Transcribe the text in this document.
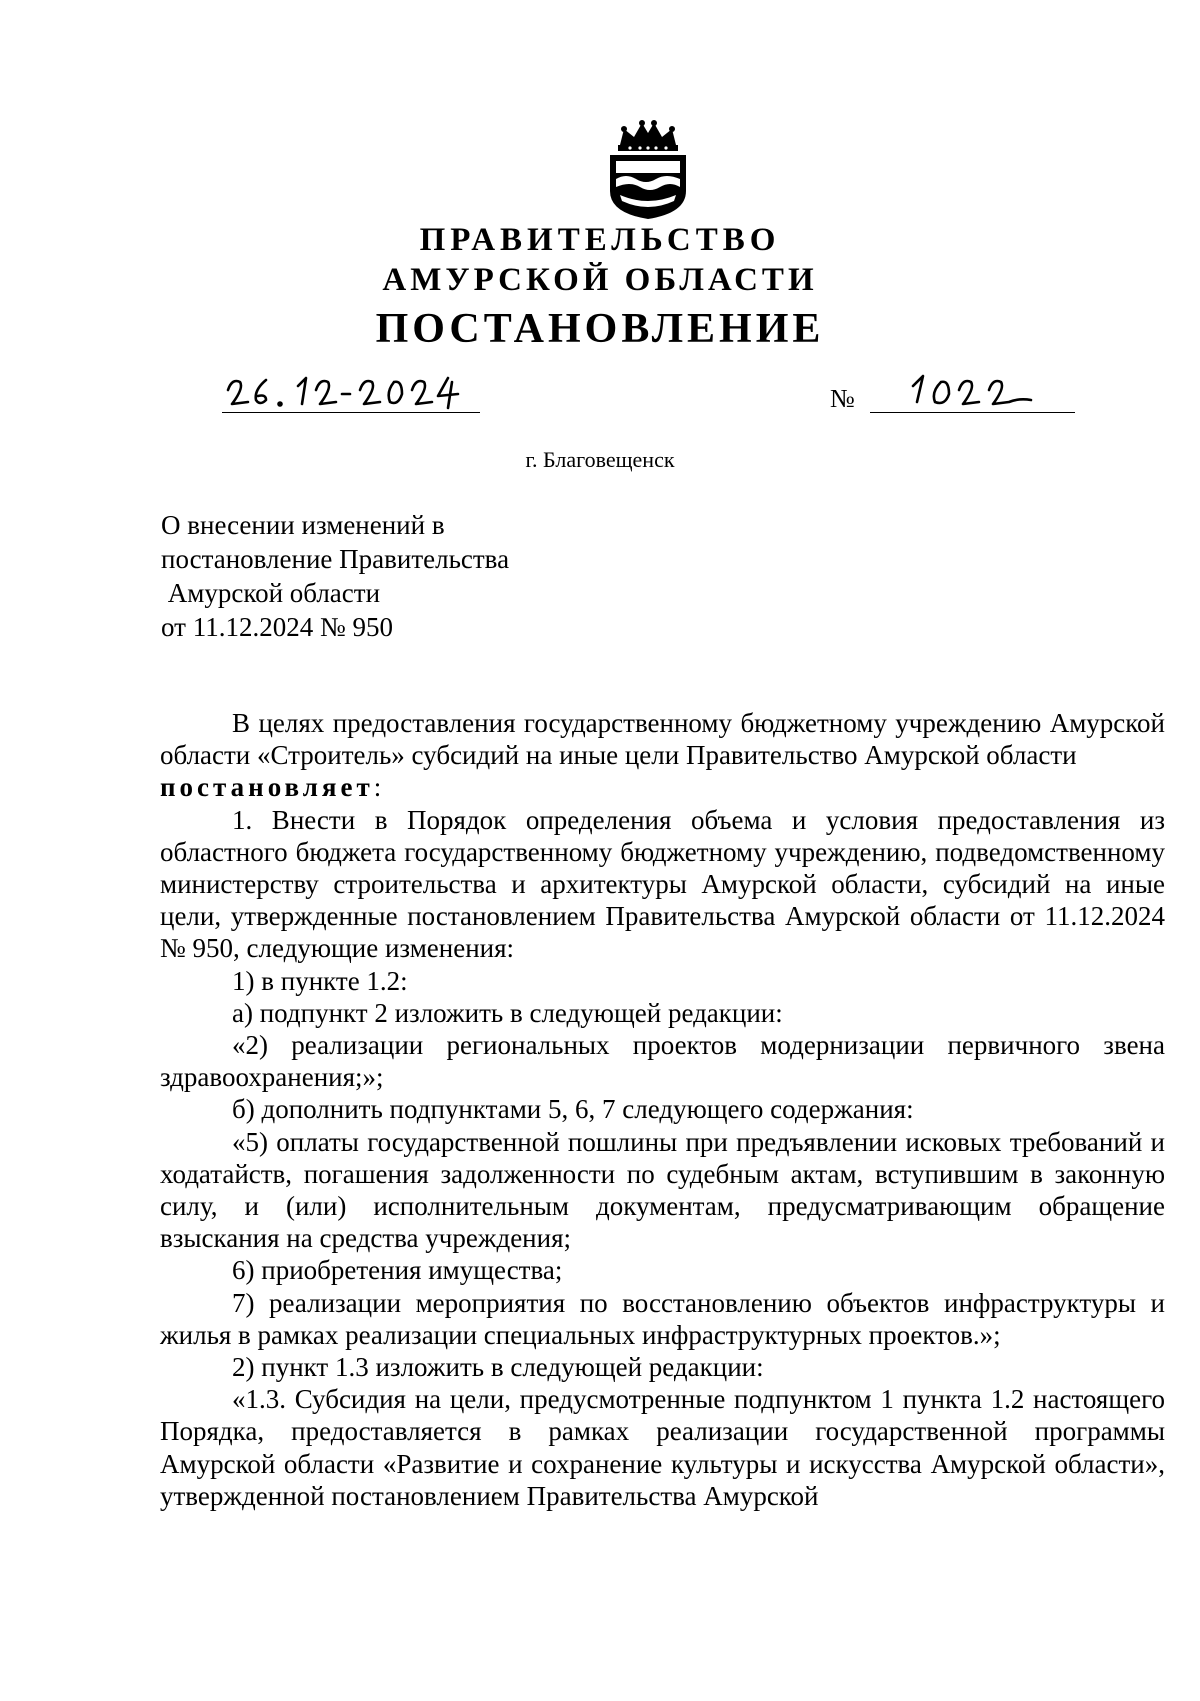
ПРАВИТЕЛЬСТВО
АМУРСКОЙ ОБЛАСТИ
ПОСТАНОВЛЕНИЕ
№
г. Благовещенск
О внесении изменений в
постановление Правительства
Амурской области
от 11.12.2024 № 950

В целях предоставления государственному бюджетному учреждению Амурской области «Строитель» субсидий на иные цели Правительство Амурской области

постановляет:

1. Внести в Порядок определения объема и условия предоставления из областного бюджета государственному бюджетному учреждению, подведомственному министерству строительства и архитектуры Амурской области, субсидий на иные цели, утвержденные постановлением Правительства Амурской области от 11.12.2024 № 950, следующие изменения:

1) в пункте 1.2:

а) подпункт 2 изложить в следующей редакции:

«2) реализации региональных проектов модернизации первичного звена здравоохранения;»;

б) дополнить подпунктами 5, 6, 7 следующего содержания:

«5) оплаты государственной пошлины при предъявлении исковых требований и ходатайств, погашения задолженности по судебным актам, вступившим в законную силу, и (или) исполнительным документам, предусматривающим обращение взыскания на средства учреждения;

6) приобретения имущества;

7) реализации мероприятия по восстановлению объектов инфраструктуры и жилья в рамках реализации специальных инфраструктурных проектов.»;

2) пункт 1.3 изложить в следующей редакции:

«1.3. Субсидия на цели, предусмотренные подпунктом 1 пункта 1.2 настоящего Порядка, предоставляется в рамках реализации государственной программы Амурской области «Развитие и сохранение культуры и искусства Амурской области», утвержденной постановлением Правительства Амурской
